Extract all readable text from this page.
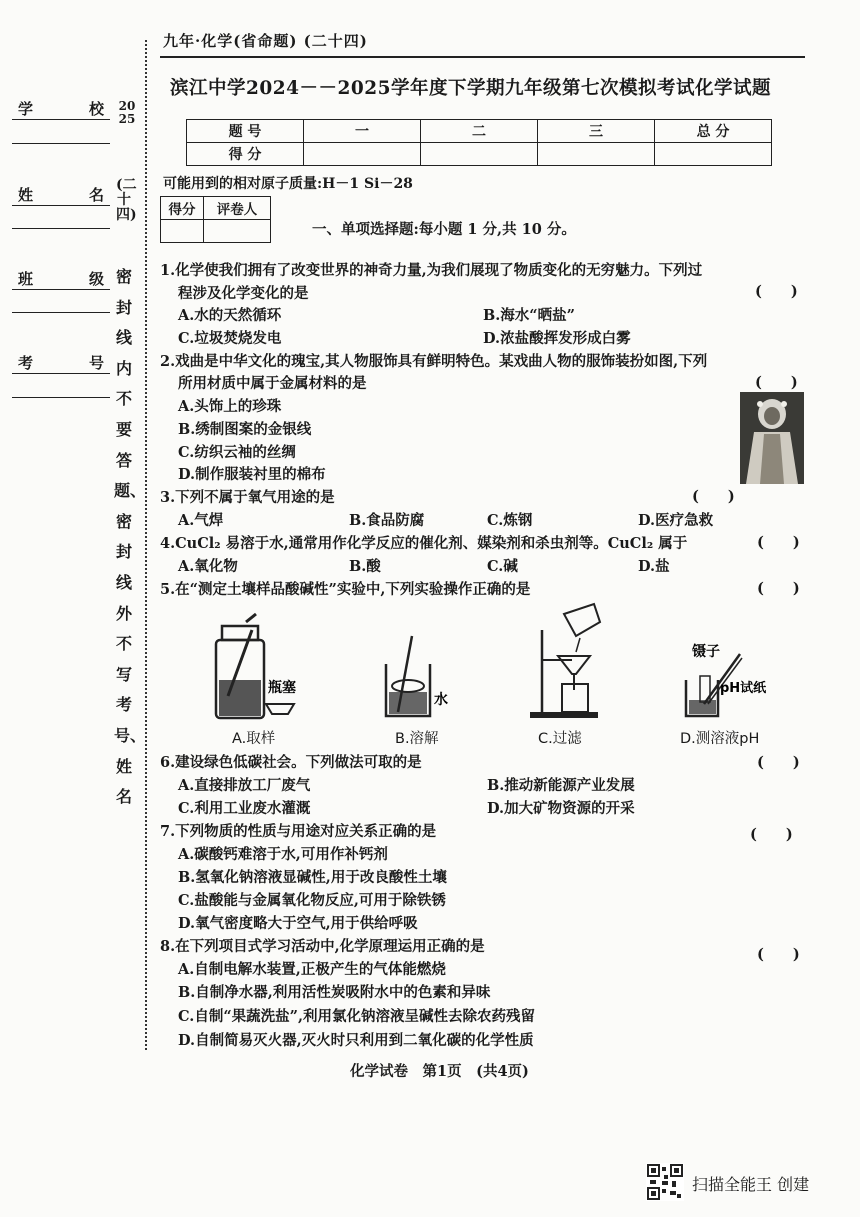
九年·化学(省命题) (二十四)
滨江中学2024－－2025学年度下学期九年级第七次模拟考试化学试题
学	校
姓	名
班	级
考	号
2025
(二十四)
密封线内不要答题、密封线外不写考号、姓名
题 号	一	二	三	总 分
得 分				
可能用到的相对原子质量:H－1 Si－28
得分	评卷人

一、单项选择题:每小题 1 分,共 10 分。
1.化学使我们拥有了改变世界的神奇力量,为我们展现了物质变化的无穷魅力。下列过
程涉及化学变化的是	(　　)
A.水的天然循环	B.海水“晒盐”
C.垃圾焚烧发电	D.浓盐酸挥发形成白雾
2.戏曲是中华文化的瑰宝,其人物服饰具有鲜明特色。某戏曲人物的服饰装扮如图,下列
所用材质中属于金属材料的是	(　　)
A.头饰上的珍珠
B.绣制图案的金银线
C.纺织云袖的丝绸
D.制作服装衬里的棉布
3.下列不属于氧气用途的是	(　　)
A.气焊	B.食品防腐	C.炼钢	D.医疗急救
4.CuCl₂ 易溶于水,通常用作化学反应的催化剂、媒染剂和杀虫剂等。CuCl₂ 属于	(　　)
A.氧化物	B.酸	C.碱	D.盐
5.在“测定土壤样品酸碱性”实验中,下列实验操作正确的是	(　　)
瓶塞
水
镊子
pH试纸
A.取样	B.溶解	C.过滤	D.测溶液pH
6.建设绿色低碳社会。下列做法可取的是	(　　)
A.直接排放工厂废气	B.推动新能源产业发展
C.利用工业废水灌溉	D.加大矿物资源的开采
7.下列物质的性质与用途对应关系正确的是	(　　)
A.碳酸钙难溶于水,可用作补钙剂
B.氢氧化钠溶液显碱性,用于改良酸性土壤
C.盐酸能与金属氧化物反应,可用于除铁锈
D.氧气密度略大于空气,用于供给呼吸
8.在下列项目式学习活动中,化学原理运用正确的是	(　　)
A.自制电解水装置,正极产生的气体能燃烧
B.自制净水器,利用活性炭吸附水中的色素和异味
C.自制“果蔬洗盐”,利用氯化钠溶液呈碱性去除农药残留
D.自制简易灭火器,灭火时只利用到二氧化碳的化学性质
化学试卷　第1页　(共4页)
扫描全能王 创建
